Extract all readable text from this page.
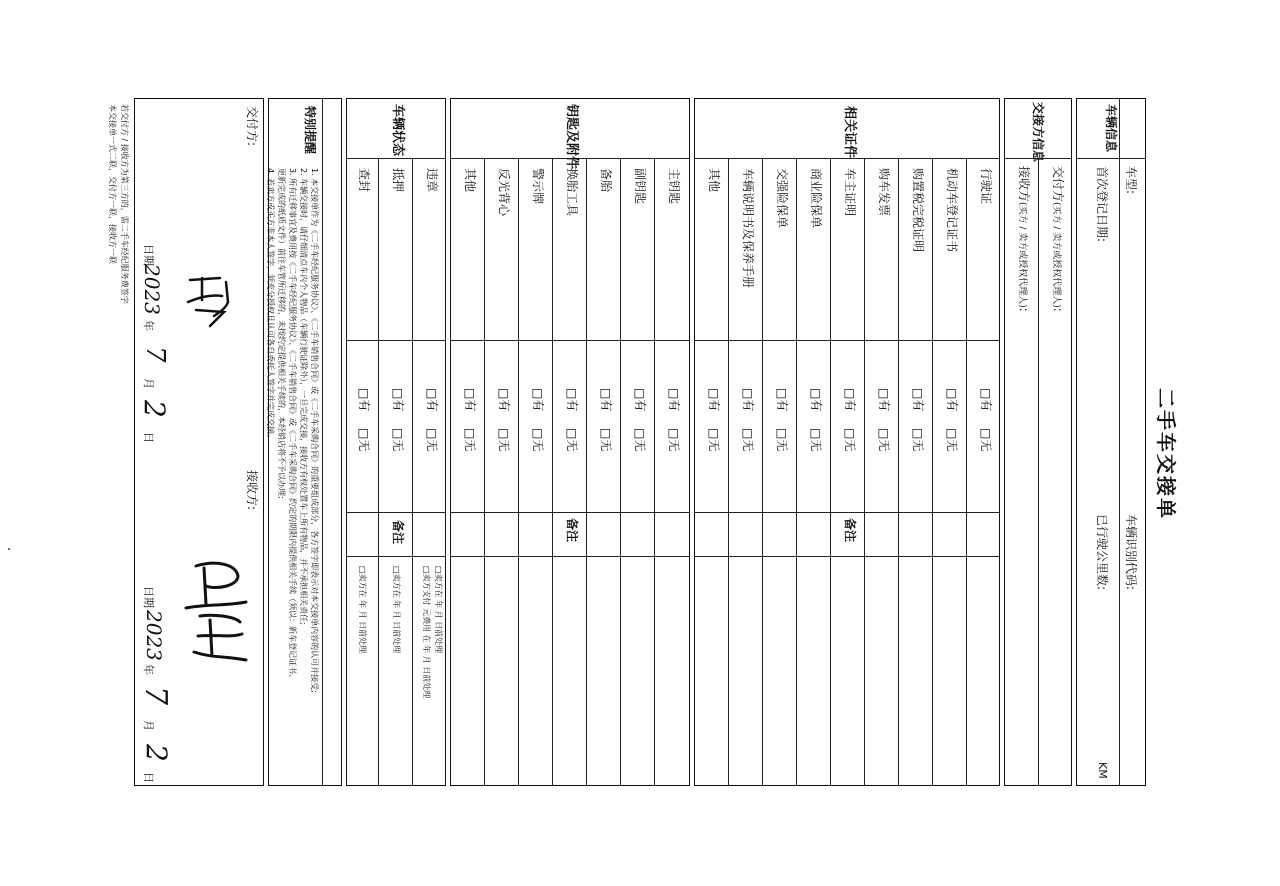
二手车交接单
车辆信息
车型:
车辆识别代码:
首次登记日期:
已行驶公里数:
KM
交接方信息
交付方(买方 / 卖方或授权代理人):
接收方(买方 / 卖方或授权代理人):
相关证件
备注
行驶证
机动车登记证书
购置税完税证明
购车发票
车主证明
商业险保单
交强险保单
车辆说明书及保养手册
其他
□有
□无
□有
□无
□有
□无
□有
□无
□有
□无
□有
□无
□有
□无
□有
□无
□有
□无
钥匙及附件
备注
主钥匙
副钥匙
备胎
换胎工具
警示牌
反光背心
其他
□有
□无
□有
□无
□有
□无
□有
□无
□有
□无
□有
□无
□有
□无
车辆状态
备注
违章
抵押
查封
□有
□无
□有
□无
□有
□无
□卖方在 年 月 日前处理
□卖方支付 元费用 在 年 月 日前处理
□卖方在 年 月 日前处理
□卖方在 年 月 日前处理
特别提醒
1. 本交接单作为《二手车经纪服务协议》、《二手车销售合同》或《二手车采购合同》的重要组成部分，各方签字即表示对本交接单内容的认可并接受;
2. 车辆交接时，请仔细清点车内个人物品（车辆行驶证除外），一旦完成交接，接收方有权处置车上所有物品，并不承担相关责任;
3. 所有迁移事宜及费用按《二手车经纪服务协议》、《二手车销售合同》或《二手车采购合同》约定的期限内提供相关手续（须以：新车登记证书、
更新完成的纸质文件）前往车管所迁移的，未按约定提供相关手续的，本经销店将不予以办理;
4. 若卖方或买方非本人签字，须充分授权且认可各自委托人签字并完成交接。
交付方:
接收方:
日期
2023
年
7
月
2
日
日期
2023
年
7
月
2
日
若交付方 / 接收方为第三方的，需二手车经纪服务费签字
本交接单一式二联，交付方一联，接收方一联
